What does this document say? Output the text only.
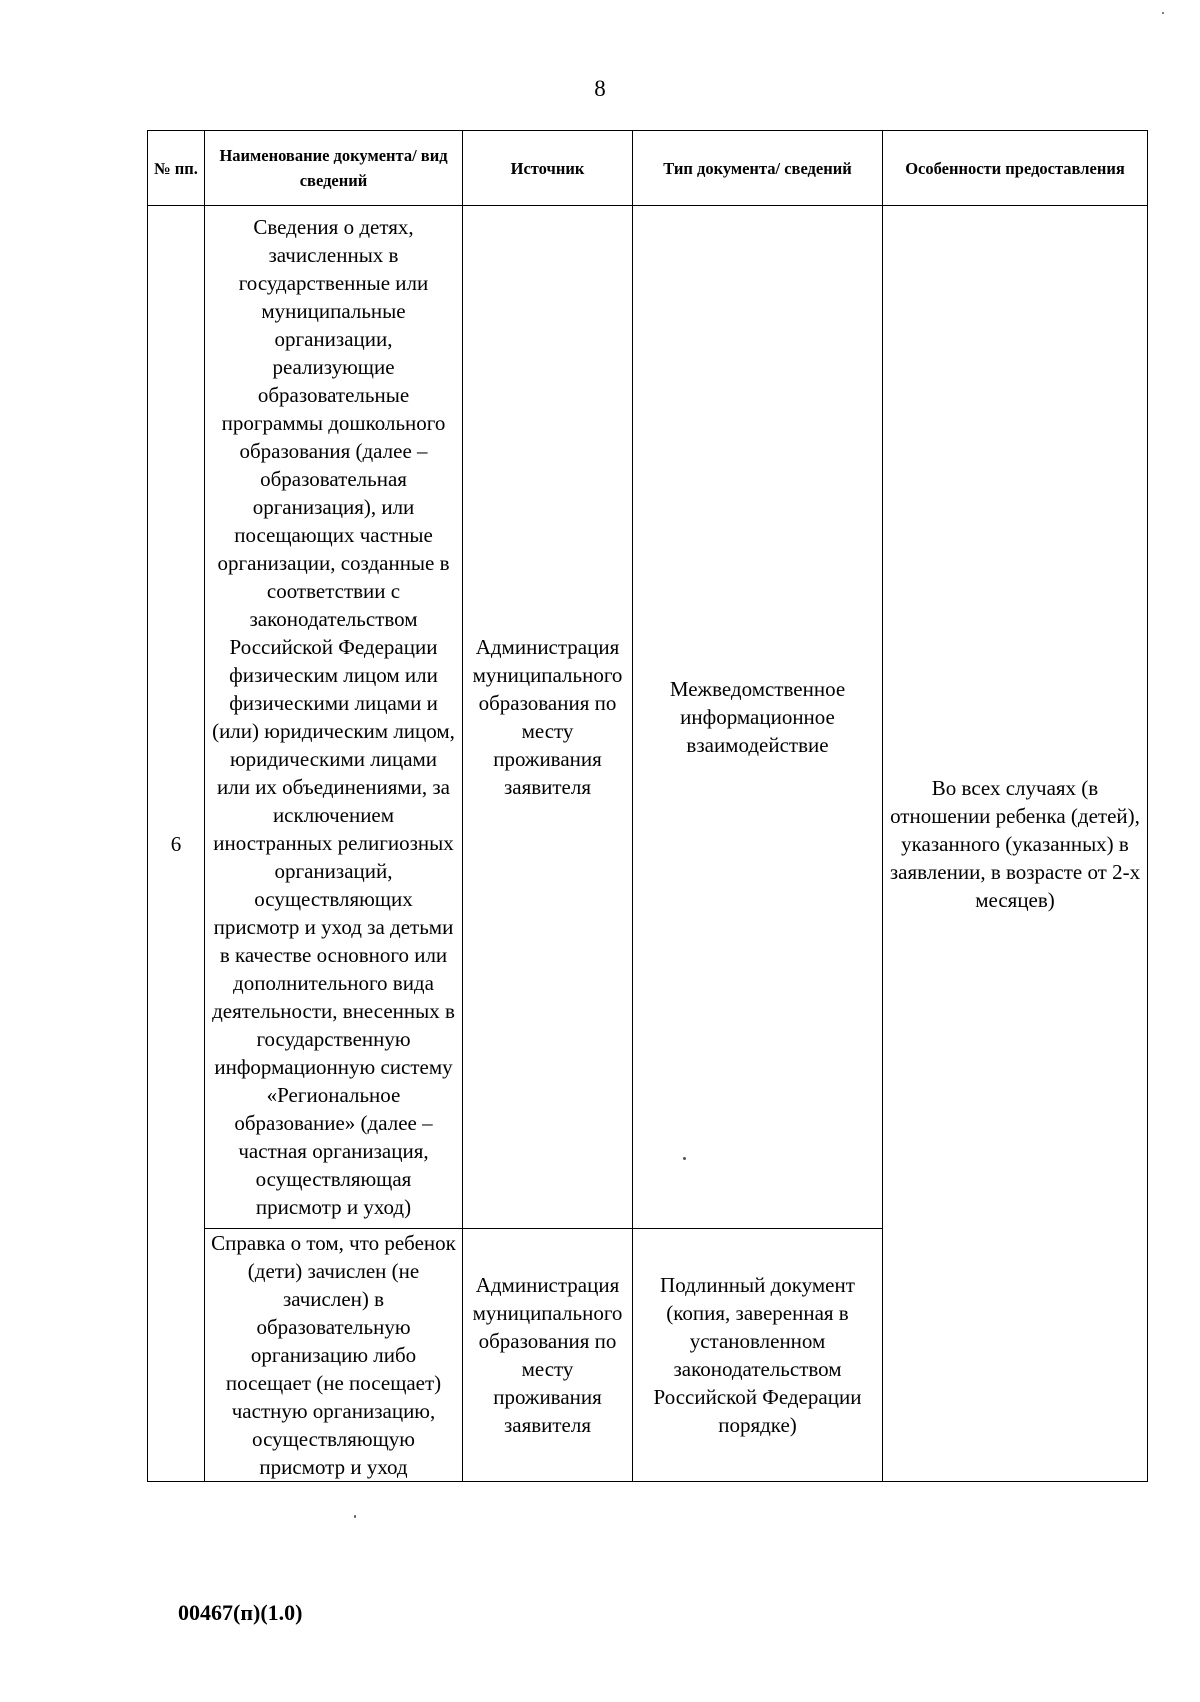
8
№ пп.	Наименование документа/ вид сведений	Источник	Тип документа/ сведений	Особенности предоставления
6	Сведения о детях, зачисленных в государственные или муниципальные организации, реализующие образовательные программы дошкольного образования (далее – образовательная организация), или посещающих частные организации, созданные в соответствии с законодательством Российской Федерации физическим лицом или физическими лицами и (или) юридическим лицом, юридическими лицами или их объединениями, за исключением иностранных религиозных организаций, осуществляющих присмотр и уход за детьми в качестве основного или дополнительного вида деятельности, внесенных в государственную информационную систему «Региональное образование» (далее – частная организация, осуществляющая присмотр и уход)	Администрация муниципального образования по месту проживания заявителя	Межведомственное информационное взаимодействие	Во всех случаях (в отношении ребенка (детей), указанного (указанных) в заявлении, в возрасте от 2-х месяцев)
	Справка о том, что ребенок (дети) зачислен (не зачислен) в образовательную организацию либо посещает (не посещает) частную организацию, осуществляющую присмотр и уход	Администрация муниципального образования по месту проживания заявителя	Подлинный документ (копия, заверенная в установленном законодательством Российской Федерации порядке)	
00467(п)(1.0)
